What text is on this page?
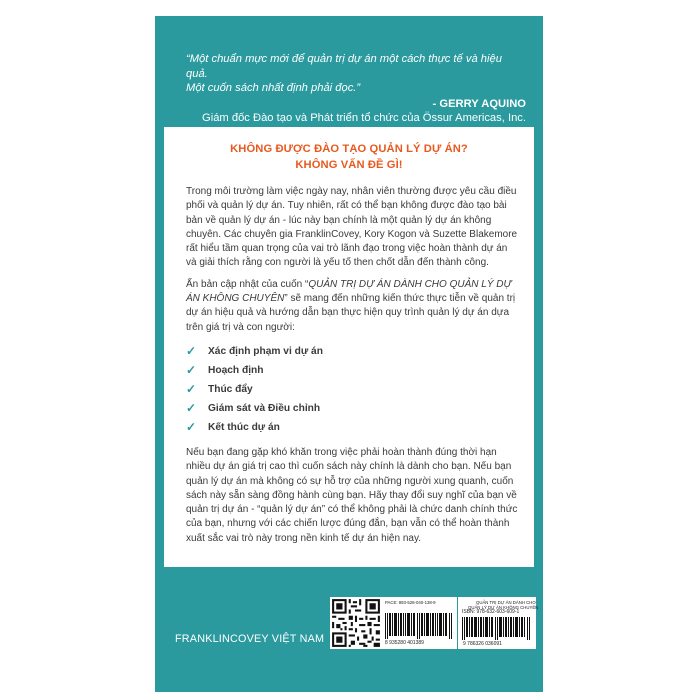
“Một chuẩn mực mới để quản trị dự án một cách thực tế và hiệu quả.
Một cuốn sách nhất định phải đọc.”
- GERRY AQUINO
Giám đốc Đào tạo và Phát triển tổ chức của Össur Americas, Inc.
KHÔNG ĐƯỢC ĐÀO TẠO QUẢN LÝ DỰ ÁN?
KHÔNG VẤN ĐỀ GÌ!

Trong môi trường làm việc ngày nay, nhân viên thường được yêu cầu điều phối và quản lý dự án. Tuy nhiên, rất có thể bạn không được đào tạo bài bản về quản lý dự án - lúc này bạn chính là một quản lý dự án không chuyên. Các chuyên gia FranklinCovey, Kory Kogon và Suzette Blakemore rất hiểu tầm quan trọng của vai trò lãnh đạo trong việc hoàn thành dự án và giải thích rằng con người là yếu tố then chốt dẫn đến thành công.

Ấn bản cập nhật của cuốn “QUẢN TRỊ DỰ ÁN DÀNH CHO QUẢN LÝ DỰ ÁN KHÔNG CHUYÊN” sẽ mang đến những kiến thức thực tiễn về quản trị dự án hiệu quả và hướng dẫn bạn thực hiện quy trình quản lý dự án dựa trên giá trị và con người:

✓ Xác định phạm vi dự án
✓ Hoạch định
✓ Thúc đẩy
✓ Giám sát và Điều chỉnh
✓ Kết thúc dự án

Nếu bạn đang gặp khó khăn trong việc phải hoàn thành đúng thời hạn nhiều dự án giá trị cao thì cuốn sách này chính là dành cho bạn. Nếu bạn quản lý dự án mà không có sự hỗ trợ của những người xung quanh, cuốn sách này sẵn sàng đồng hành cùng bạn. Hãy thay đổi suy nghĩ của bạn về quản trị dự án - “quản lý dự án” có thể không phải là chức danh chính thức của bạn, nhưng với các chiến lược đúng đắn, bạn vẫn có thể hoàn thành xuất sắc vai trò này trong nền kinh tế dự án hiện nay.

FRANKLINCOVEY VIỆT NAM
PACE: 893-528-040-138-9
8 935280 401389
QUẢN TRỊ DỰ ÁN DÀNH CHO
QUẢN LÝ DỰ ÁN KHÔNG CHUYÊN
ISBN: 978-632-603-609-1
9 786326 036091
